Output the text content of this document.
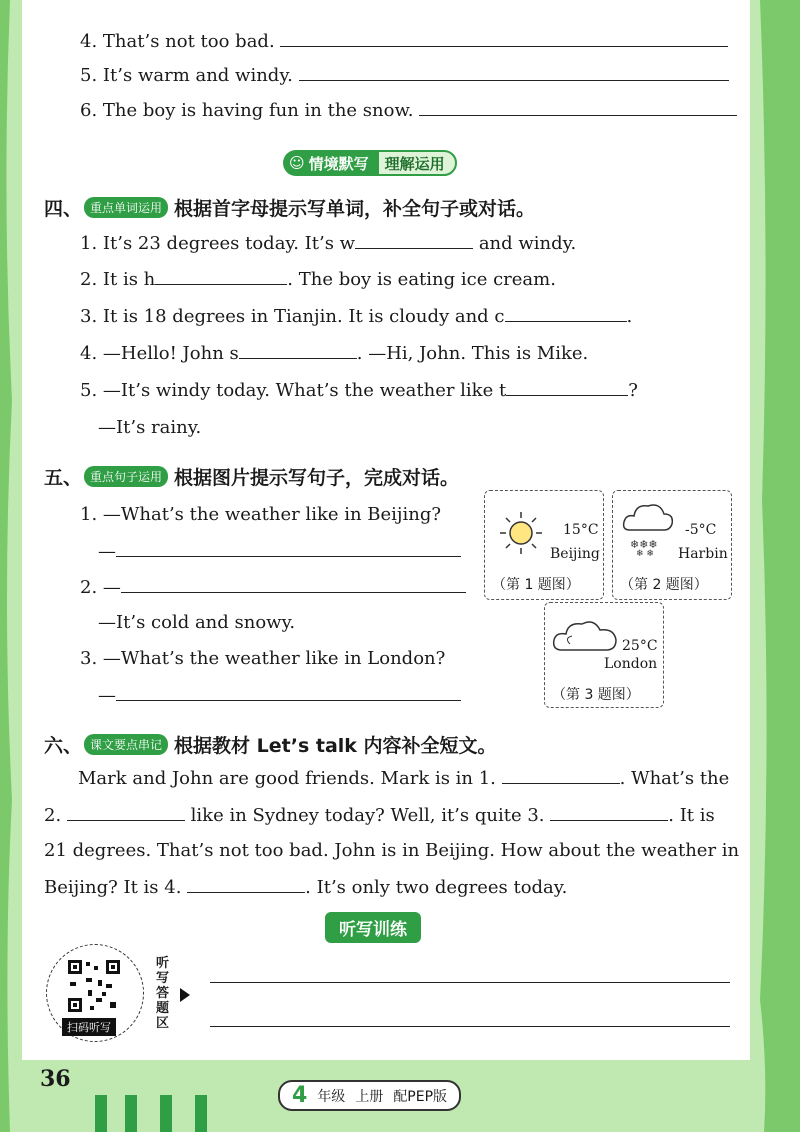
4. That’s not too bad.
5. It’s warm and windy.
6. The boy is having fun in the snow.
☺ 情境默写	理解运用
四、 重点单词运用 根据首字母提示写单词，补全句子或对话。
1. It’s 23 degrees today. It’s w	and windy.
2. It is h	. The boy is eating ice cream.
3. It is 18 degrees in Tianjin. It is cloudy and c	.
4. —Hello! John s	. —Hi, John. This is Mike.
5. —It’s windy today. What’s the weather like t	?
—It’s rainy.
五、 重点句子运用 根据图片提示写句子，完成对话。
1. —What’s the weather like in Beijing?
—
2. —
—It’s cold and snowy.
3. —What’s the weather like in London?
—
15°C
Beijing
（第 1 题图）
❄❄❄
❄ ❄
-5°C
Harbin
（第 2 题图）
25°C
London
（第 3 题图）
六、 课文要点串记 根据教材 Let’s talk 内容补全短文。
Mark and John are good friends. Mark is in 1.	. What’s the
2.	like in Sydney today? Well, it’s quite 3.	. It is
21 degrees. That’s not too bad. John is in Beijing. How about the weather in
Beijing? It is 4.	. It’s only two degrees today.
听写训练
扫码听写
听写答题区
36
4 年级 上册 配PEP版
